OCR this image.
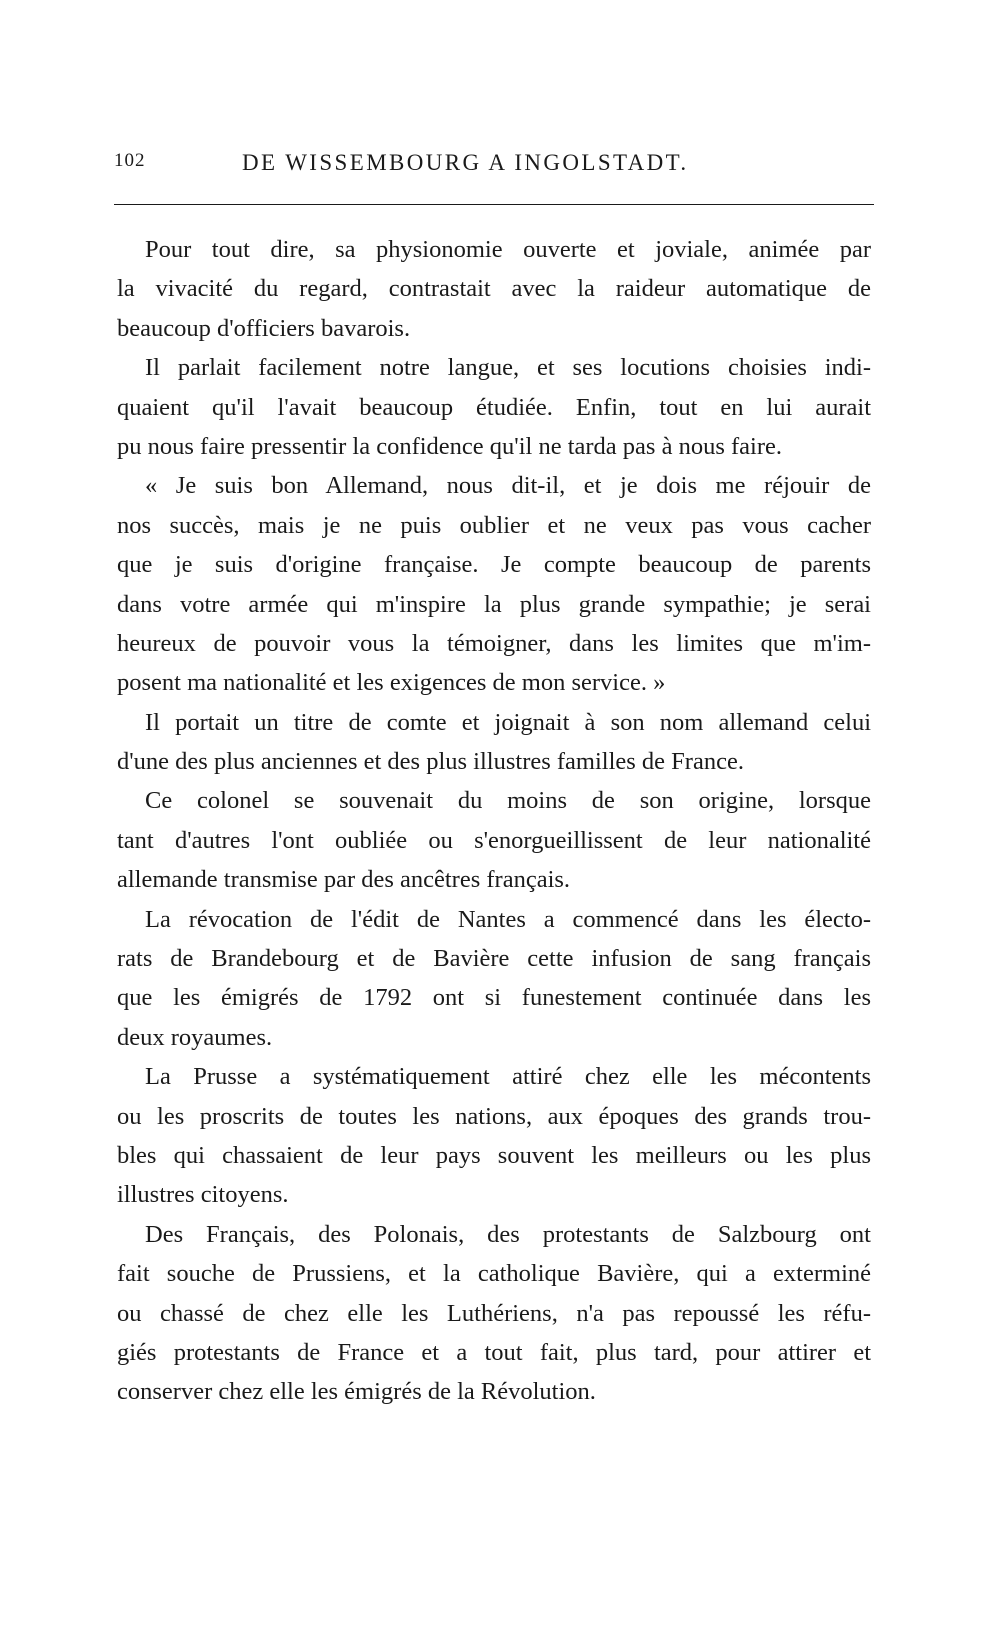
102	DE WISSEMBOURG A INGOLSTADT.
Pour tout dire, sa physionomie ouverte et joviale, animée par
la vivacité du regard, contrastait avec la raideur automatique de
beaucoup d'officiers bavarois.
Il parlait facilement notre langue, et ses locutions choisies indi-
quaient qu'il l'avait beaucoup étudiée. Enfin, tout en lui aurait
pu nous faire pressentir la confidence qu'il ne tarda pas à nous faire.
« Je suis bon Allemand, nous dit-il, et je dois me réjouir de
nos succès, mais je ne puis oublier et ne veux pas vous cacher
que je suis d'origine française. Je compte beaucoup de parents
dans votre armée qui m'inspire la plus grande sympathie; je serai
heureux de pouvoir vous la témoigner, dans les limites que m'im-
posent ma nationalité et les exigences de mon service. »
Il portait un titre de comte et joignait à son nom allemand celui
d'une des plus anciennes et des plus illustres familles de France.
Ce colonel se souvenait du moins de son origine, lorsque
tant d'autres l'ont oubliée ou s'enorgueillissent de leur nationalité
allemande transmise par des ancêtres français.
La révocation de l'édit de Nantes a commencé dans les électo-
rats de Brandebourg et de Bavière cette infusion de sang français
que les émigrés de 1792 ont si funestement continuée dans les
deux royaumes.
La Prusse a systématiquement attiré chez elle les mécontents
ou les proscrits de toutes les nations, aux époques des grands trou-
bles qui chassaient de leur pays souvent les meilleurs ou les plus
illustres citoyens.
Des Français, des Polonais, des protestants de Salzbourg ont
fait souche de Prussiens, et la catholique Bavière, qui a exterminé
ou chassé de chez elle les Luthériens, n'a pas repoussé les réfu-
giés protestants de France et a tout fait, plus tard, pour attirer et
conserver chez elle les émigrés de la Révolution.
